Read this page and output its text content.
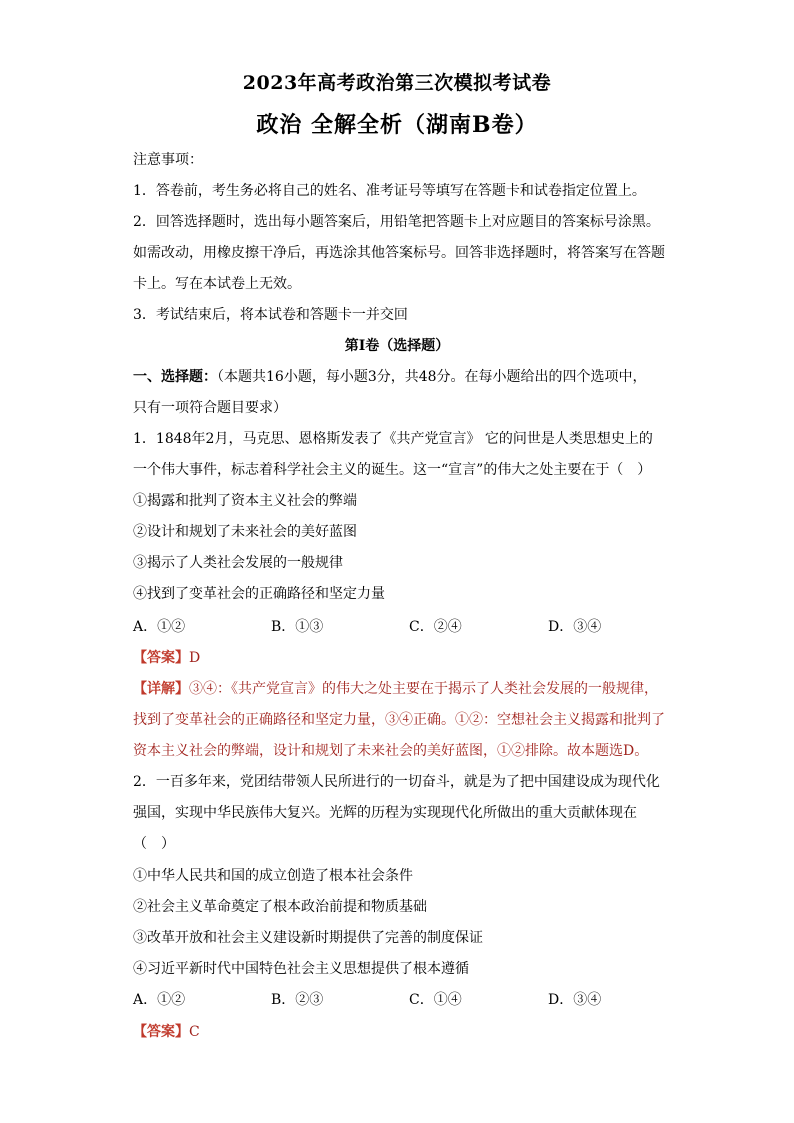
2023年高考政治第三次模拟考试卷
政治 全解全析（湖南B卷）
注意事项：
1．答卷前，考生务必将自己的姓名、准考证号等填写在答题卡和试卷指定位置上。
2．回答选择题时，选出每小题答案后，用铅笔把答题卡上对应题目的答案标号涂黑。
如需改动，用橡皮擦干净后，再选涂其他答案标号。回答非选择题时，将答案写在答题
卡上。写在本试卷上无效。
3．考试结束后，将本试卷和答题卡一并交回
第Ⅰ卷（选择题）
一、选择题：（本题共16小题，每小题3分，共48分。在每小题给出的四个选项中，
只有一项符合题目要求）
1．1848年2月，马克思、恩格斯发表了《共产党宣言》 它的问世是人类思想史上的
一个伟大事件，标志着科学社会主义的诞生。这一“宣言”的伟大之处主要在于（　）
①揭露和批判了资本主义社会的弊端
②设计和规划了未来社会的美好蓝图
③揭示了人类社会发展的一般规律
④找到了变革社会的正确路径和坚定力量
A．①②	B．①③	C．②④	D．③④
【答案】D
【详解】③④：《共产党宣言》的伟大之处主要在于揭示了人类社会发展的一般规律，
找到了变革社会的正确路径和坚定力量，③④正确。①②：空想社会主义揭露和批判了
资本主义社会的弊端，设计和规划了未来社会的美好蓝图，①②排除。故本题选D。
2．一百多年来，党团结带领人民所进行的一切奋斗，就是为了把中国建设成为现代化
强国，实现中华民族伟大复兴。光辉的历程为实现现代化所做出的重大贡献体现在
（　）
①中华人民共和国的成立创造了根本社会条件
②社会主义革命奠定了根本政治前提和物质基础
③改革开放和社会主义建设新时期提供了完善的制度保证
④习近平新时代中国特色社会主义思想提供了根本遵循
A．①②	B．②③	C．①④	D．③④
【答案】C
